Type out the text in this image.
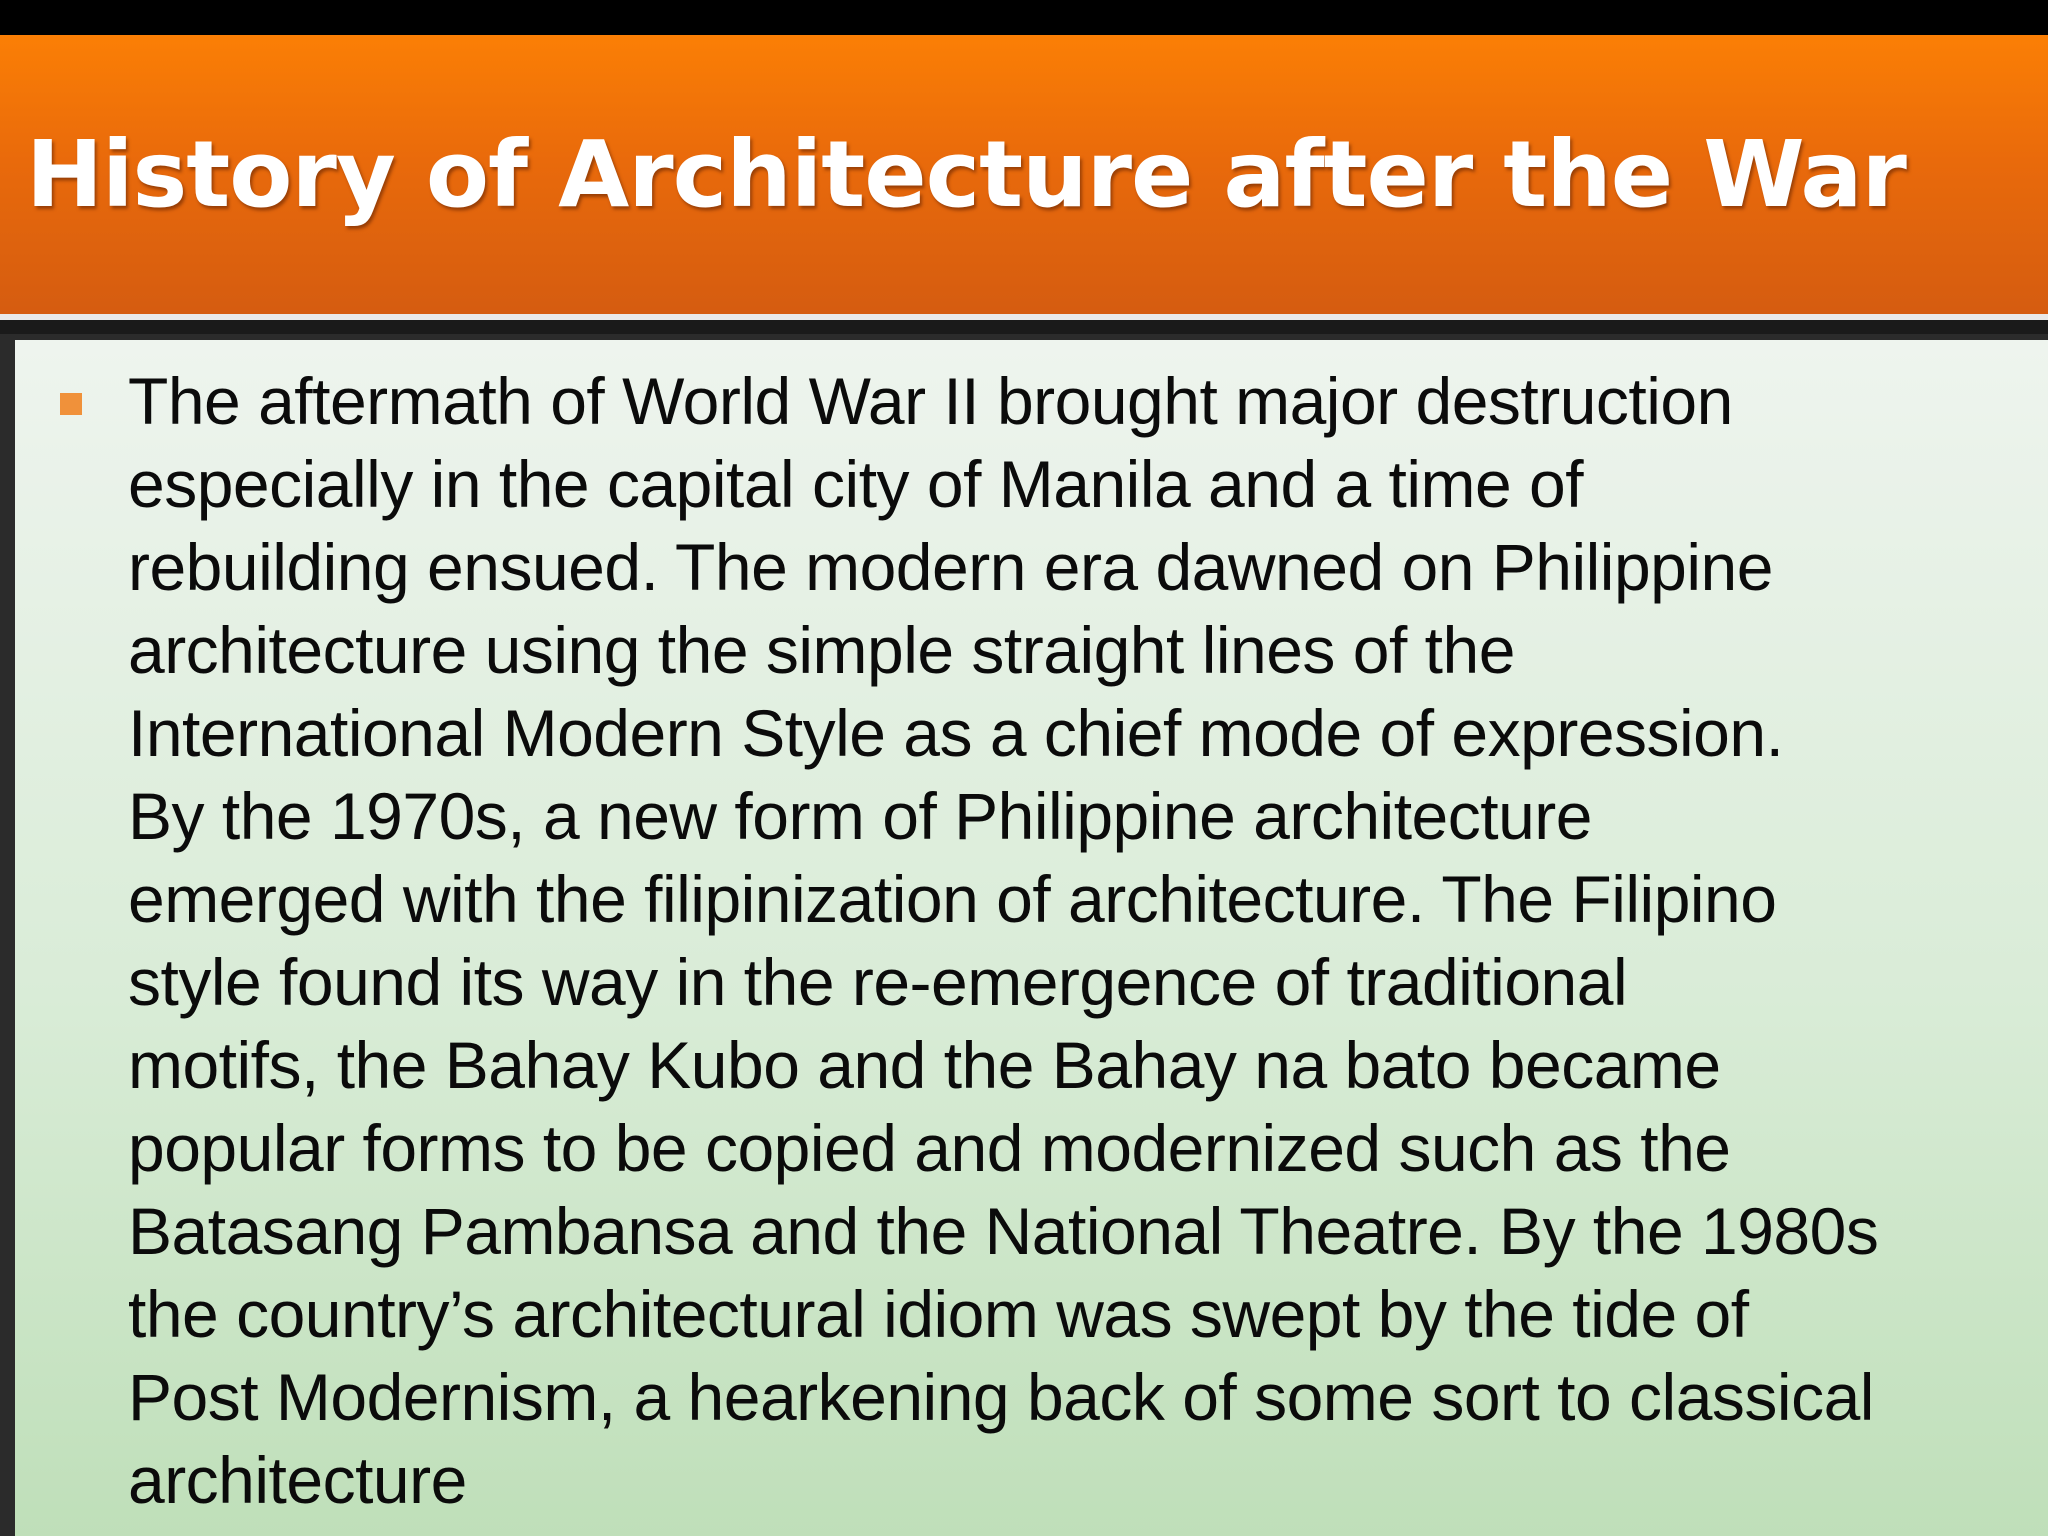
History of Architecture after the War

The aftermath of World War II brought major destruction
especially in the capital city of Manila and a time of
rebuilding ensued. The modern era dawned on Philippine
architecture using the simple straight lines of the
International Modern Style as a chief mode of expression.
By the 1970s, a new form of Philippine architecture
emerged with the filipinization of architecture. The Filipino
style found its way in the re-emergence of traditional
motifs, the Bahay Kubo and the Bahay na bato became
popular forms to be copied and modernized such as the
Batasang Pambansa and the National Theatre. By the 1980s
the country’s architectural idiom was swept by the tide of
Post Modernism, a hearkening back of some sort to classical
architecture
